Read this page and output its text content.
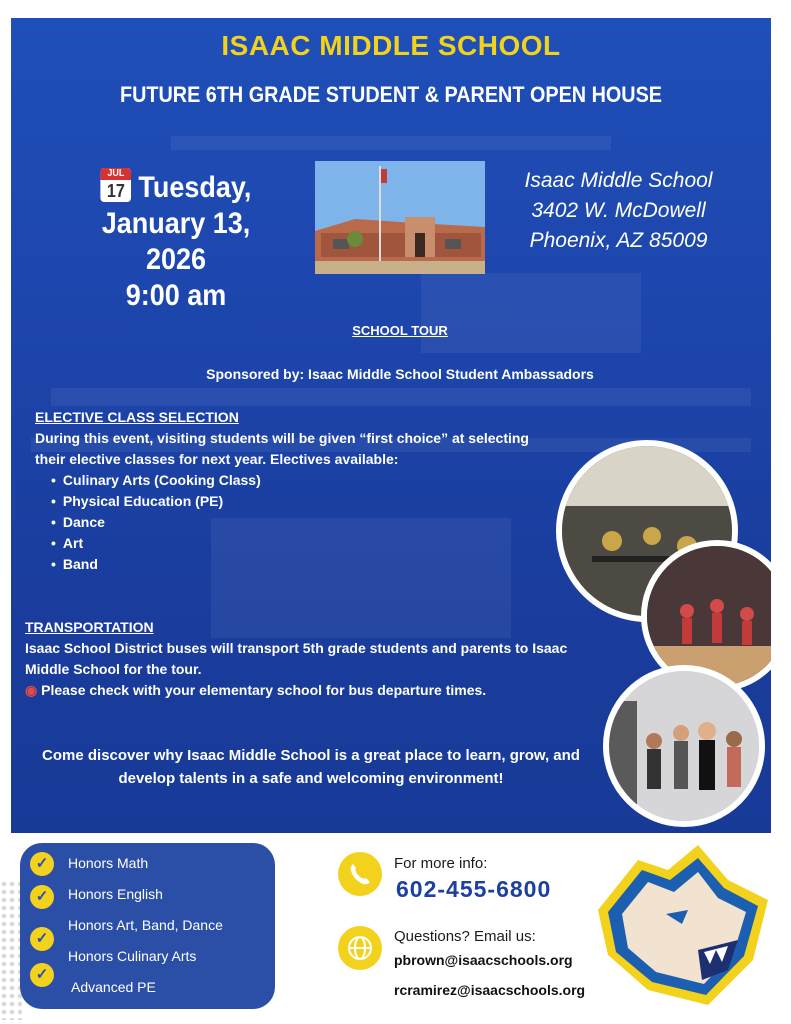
ISAAC MIDDLE SCHOOL
FUTURE 6TH GRADE STUDENT & PARENT OPEN HOUSE
JUL
17 Tuesday,
January 13, 2026
9:00 am
Isaac Middle School
3402 W. McDowell
Phoenix, AZ 85009
SCHOOL TOUR
Sponsored by: Isaac Middle School Student Ambassadors
ELECTIVE CLASS SELECTION
During this event, visiting students will be given “first choice” at selecting their elective classes for next year. Electives available:
• Culinary Arts (Cooking Class)
• Physical Education (PE)
• Dance
• Art
• Band
TRANSPORTATION
Isaac School District buses will transport 5th grade students and parents to Isaac Middle School for the tour.
◉ Please check with your elementary school for bus departure times.
Come discover why Isaac Middle School is a great place to learn, grow, and develop talents in a safe and welcoming environment!
✓	Honors Math
✓	Honors English
✓
Honors Art, Band, Dance
✓
Honors Culinary Arts
Advanced PE
For more info:
602-455-6800
Questions? Email us:
pbrown@isaacschools.org
rcramirez@isaacschools.org
